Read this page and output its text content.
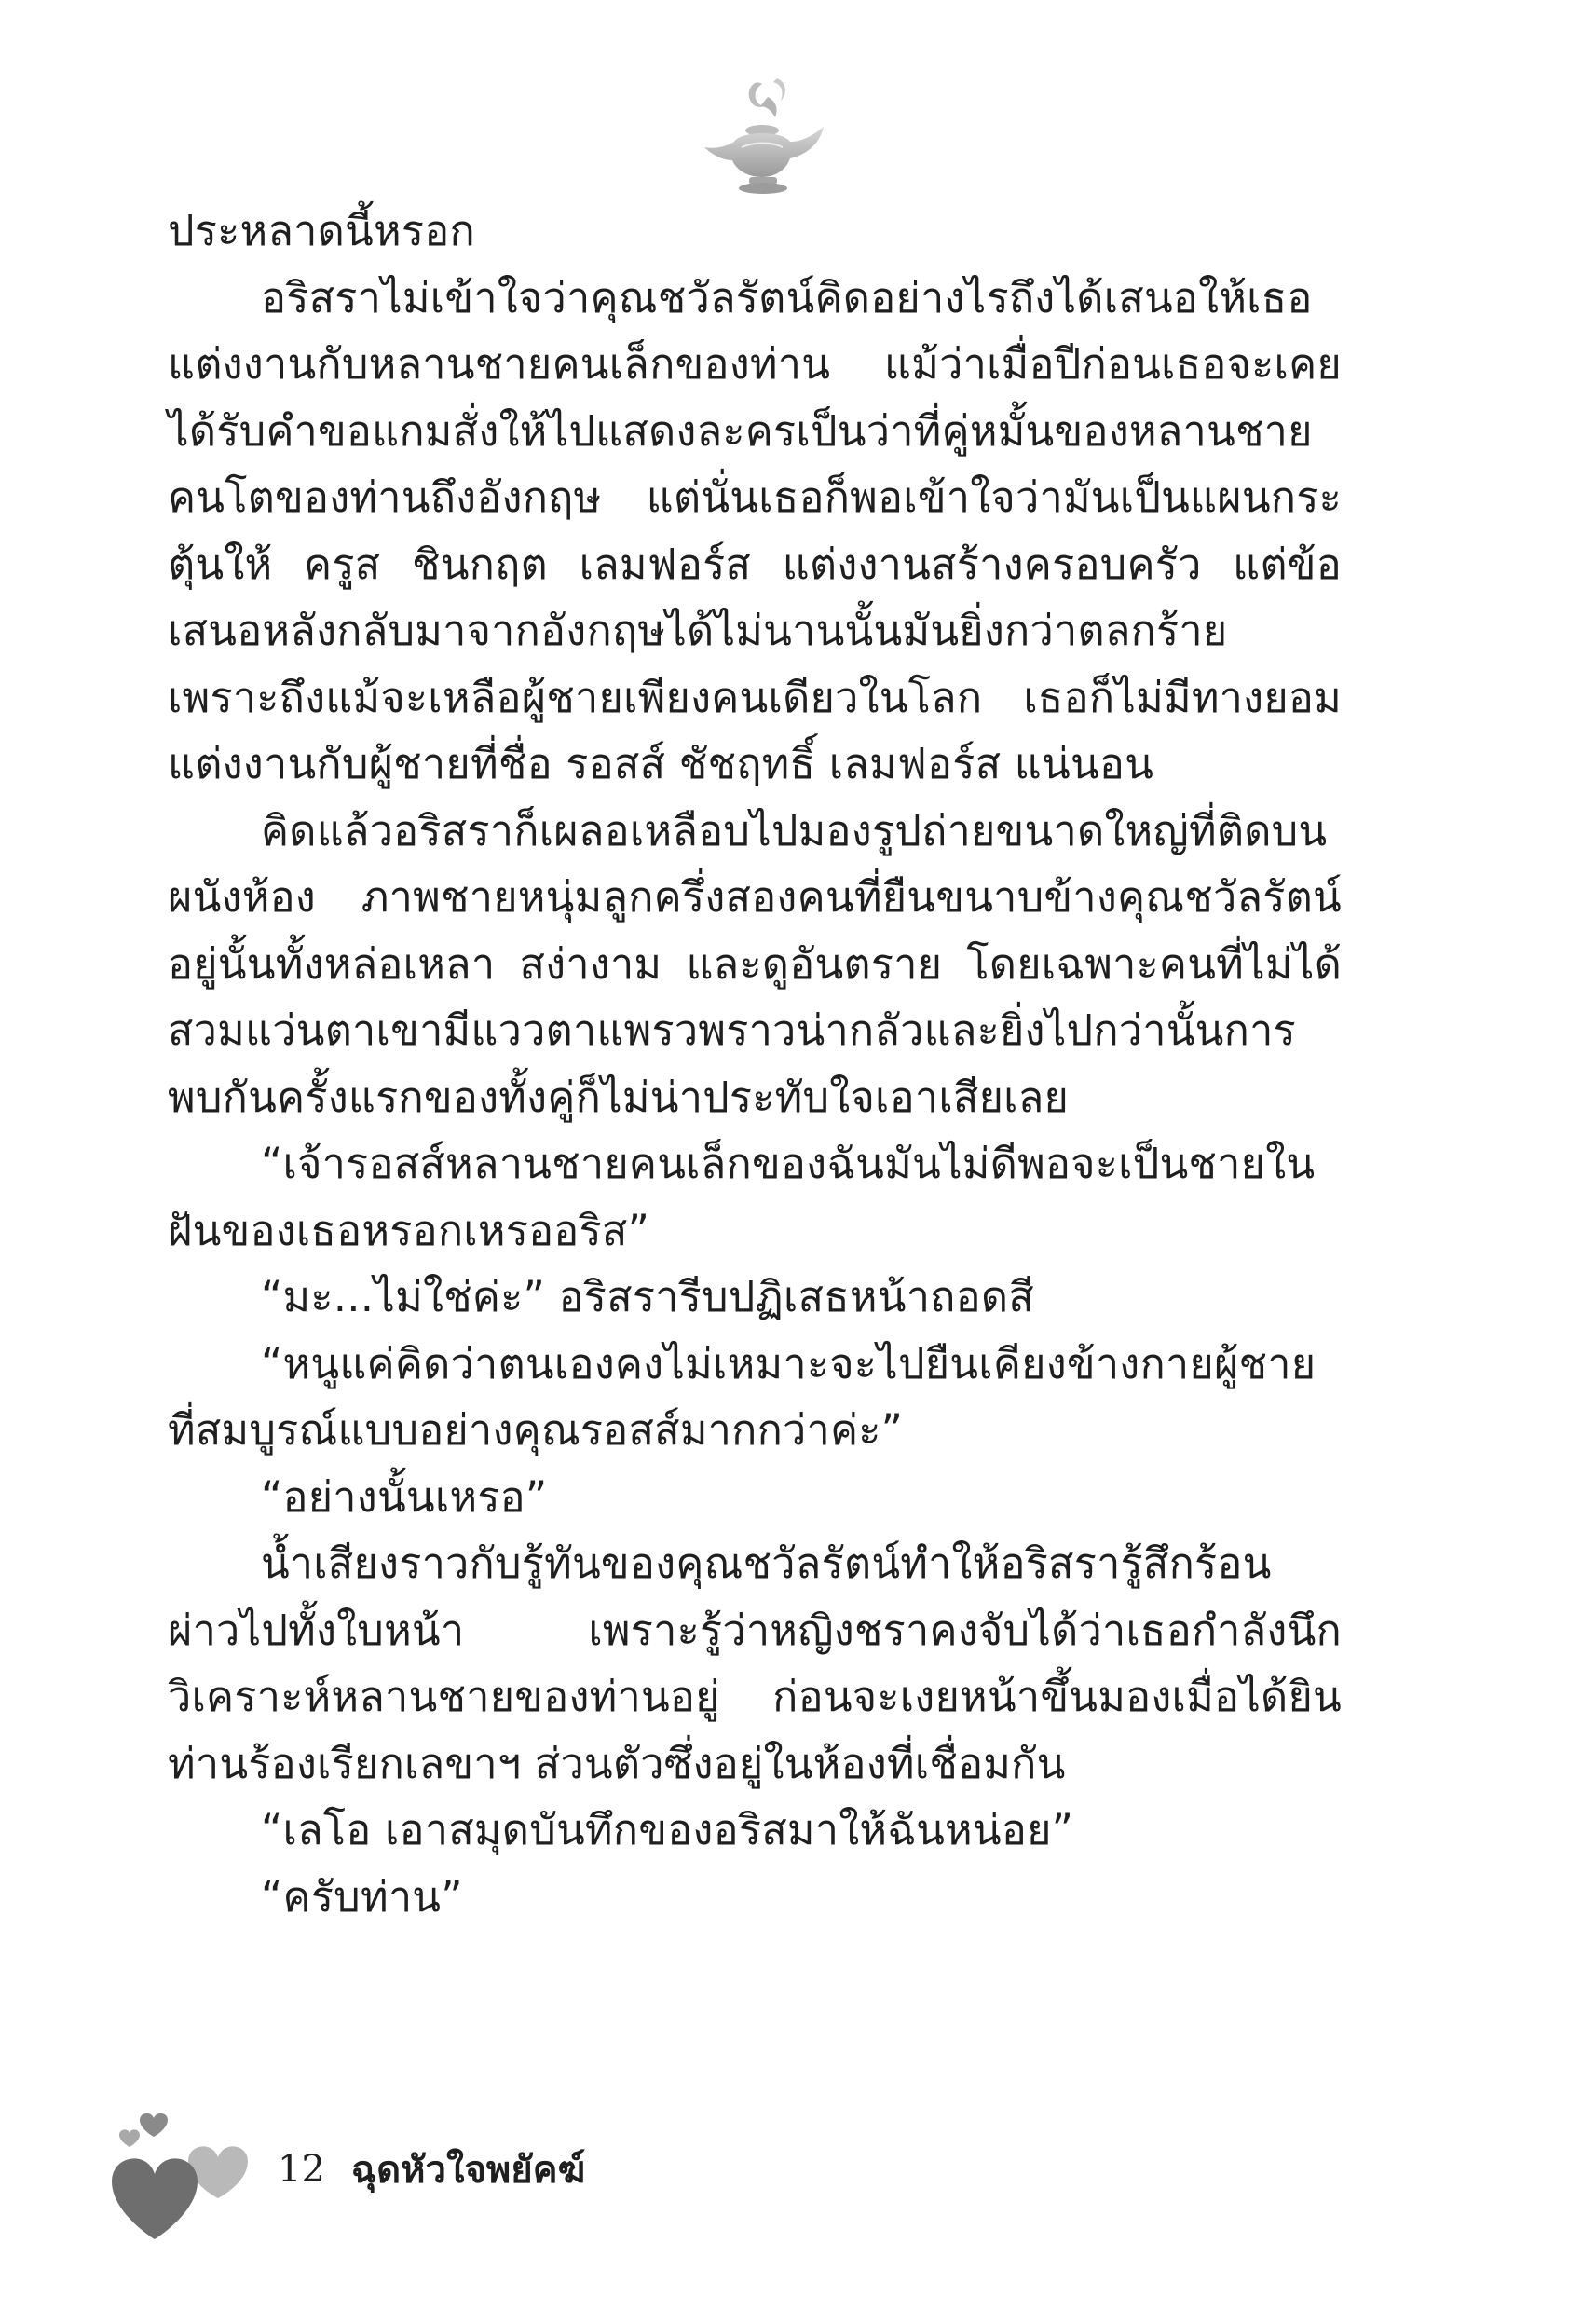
ประหลาดนี้หรอก

อริสราไม่เข้าใจว่าคุณชวัลรัตน์คิดอย่างไรถึงได้เสนอให้เธอแต่งงานกับหลานชายคนเล็กของท่าน แม้ว่าเมื่อปีก่อนเธอจะเคยได้รับคำขอแกมสั่งให้ไปแสดงละครเป็นว่าที่คู่หมั้นของหลานชายคนโตของท่านถึงอังกฤษ แต่นั่นเธอก็พอเข้าใจว่ามันเป็นแผนกระตุ้นให้ ครูส ชินกฤต เลมฟอร์ส แต่งงานสร้างครอบครัว แต่ข้อเสนอหลังกลับมาจากอังกฤษได้ไม่นานนั้นมันยิ่งกว่าตลกร้าย เพราะถึงแม้จะเหลือผู้ชายเพียงคนเดียวในโลก เธอก็ไม่มีทางยอมแต่งงานกับผู้ชายที่ชื่อ รอสส์ ชัชฤทธิ์ เลมฟอร์ส แน่นอน

คิดแล้วอริสราก็เผลอเหลือบไปมองรูปถ่ายขนาดใหญ่ที่ติดบนผนังห้อง ภาพชายหนุ่มลูกครึ่งสองคนที่ยืนขนาบข้างคุณชวัลรัตน์อยู่นั้นทั้งหล่อเหลา สง่างาม และดูอันตราย โดยเฉพาะคนที่ไม่ได้สวมแว่นตาเขามีแววตาแพรวพราวน่ากลัวและยิ่งไปกว่านั้นการพบกันครั้งแรกของทั้งคู่ก็ไม่น่าประทับใจเอาเสียเลย

“เจ้ารอสส์หลานชายคนเล็กของฉันมันไม่ดีพอจะเป็นชายในฝันของเธอหรอกเหรออริส”

“มะ...ไม่ใช่ค่ะ” อริสรารีบปฏิเสธหน้าถอดสี

“หนูแค่คิดว่าตนเองคงไม่เหมาะจะไปยืนเคียงข้างกายผู้ชายที่สมบูรณ์แบบอย่างคุณรอสส์มากกว่าค่ะ”

“อย่างนั้นเหรอ”

น้ำเสียงราวกับรู้ทันของคุณชวัลรัตน์ทำให้อริสรารู้สึกร้อนผ่าวไปทั้งใบหน้า เพราะรู้ว่าหญิงชราคงจับได้ว่าเธอกำลังนึกวิเคราะห์หลานชายของท่านอยู่ ก่อนจะเงยหน้าขึ้นมองเมื่อได้ยินท่านร้องเรียกเลขาฯ ส่วนตัวซึ่งอยู่ในห้องที่เชื่อมกัน

“เลโอ เอาสมุดบันทึกของอริสมาให้ฉันหน่อย”

“ครับท่าน”

12 ฉุดหัวใจพยัคฆ์
